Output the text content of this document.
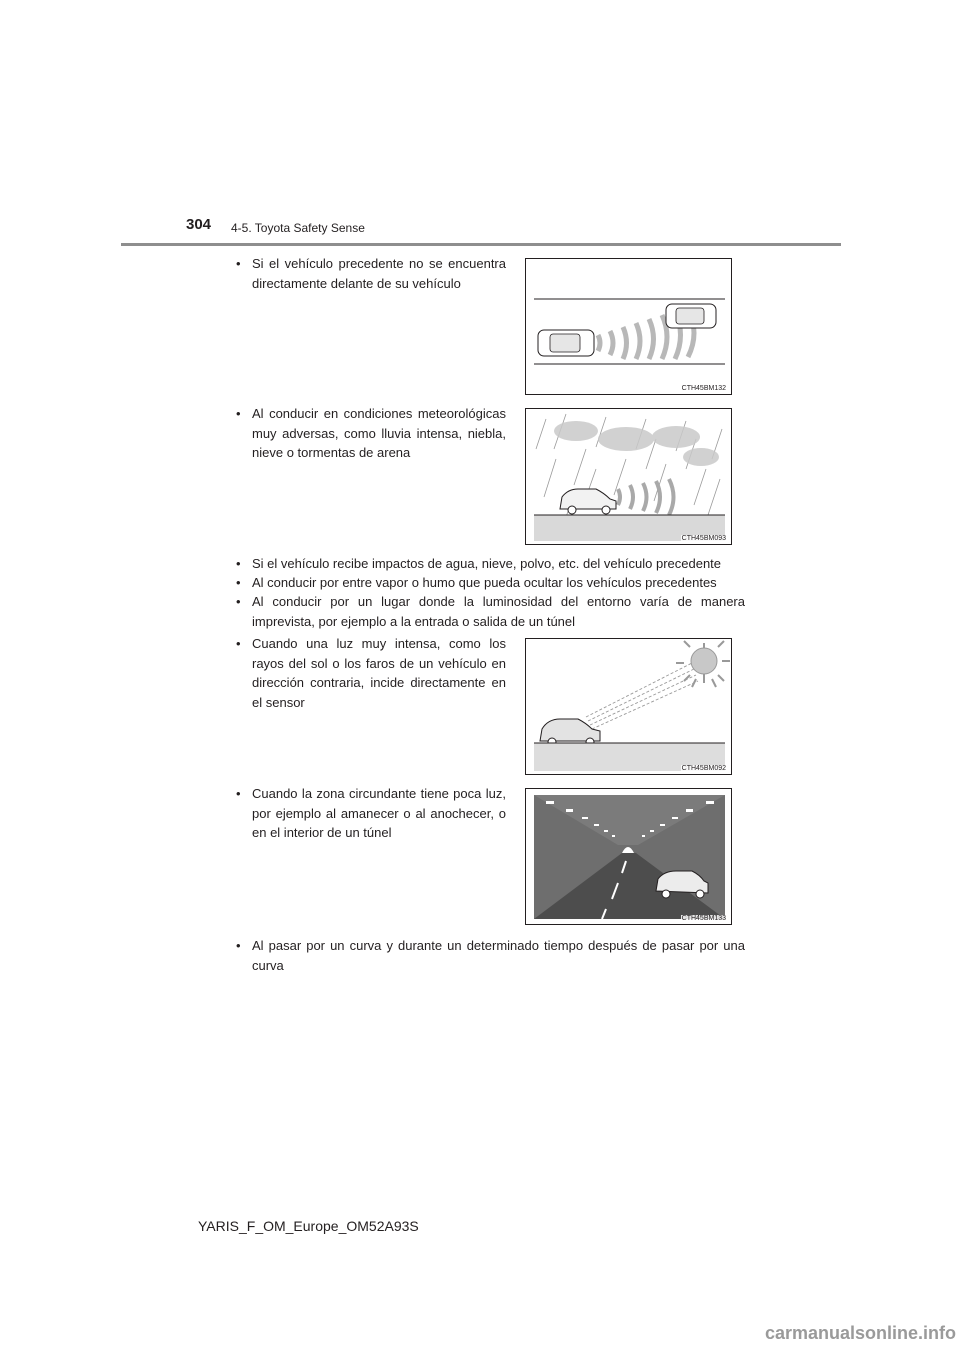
304 4-5. Toyota Safety Sense
• Si el vehículo precedente no se encuentra directamente delante de su vehículo
CTH45BM132
• Al conducir en condiciones meteorológicas muy adversas, como lluvia intensa, niebla, nieve o tormentas de arena
CTH45BM093
• Si el vehículo recibe impactos de agua, nieve, polvo, etc. del vehículo precedente
• Al conducir por entre vapor o humo que pueda ocultar los vehículos precedentes
• Al conducir por un lugar donde la luminosidad del entorno varía de manera imprevista, por ejemplo a la entrada o salida de un túnel
• Cuando una luz muy intensa, como los rayos del sol o los faros de un vehículo en dirección contraria, incide directamente en el sensor
CTH45BM092
• Cuando la zona circundante tiene poca luz, por ejemplo al amanecer o al anochecer, o en el interior de un túnel
CTH45BM133
• Al pasar por un curva y durante un determinado tiempo después de pasar por una curva
YARIS_F_OM_Europe_OM52A93S
carmanualsonline.info
